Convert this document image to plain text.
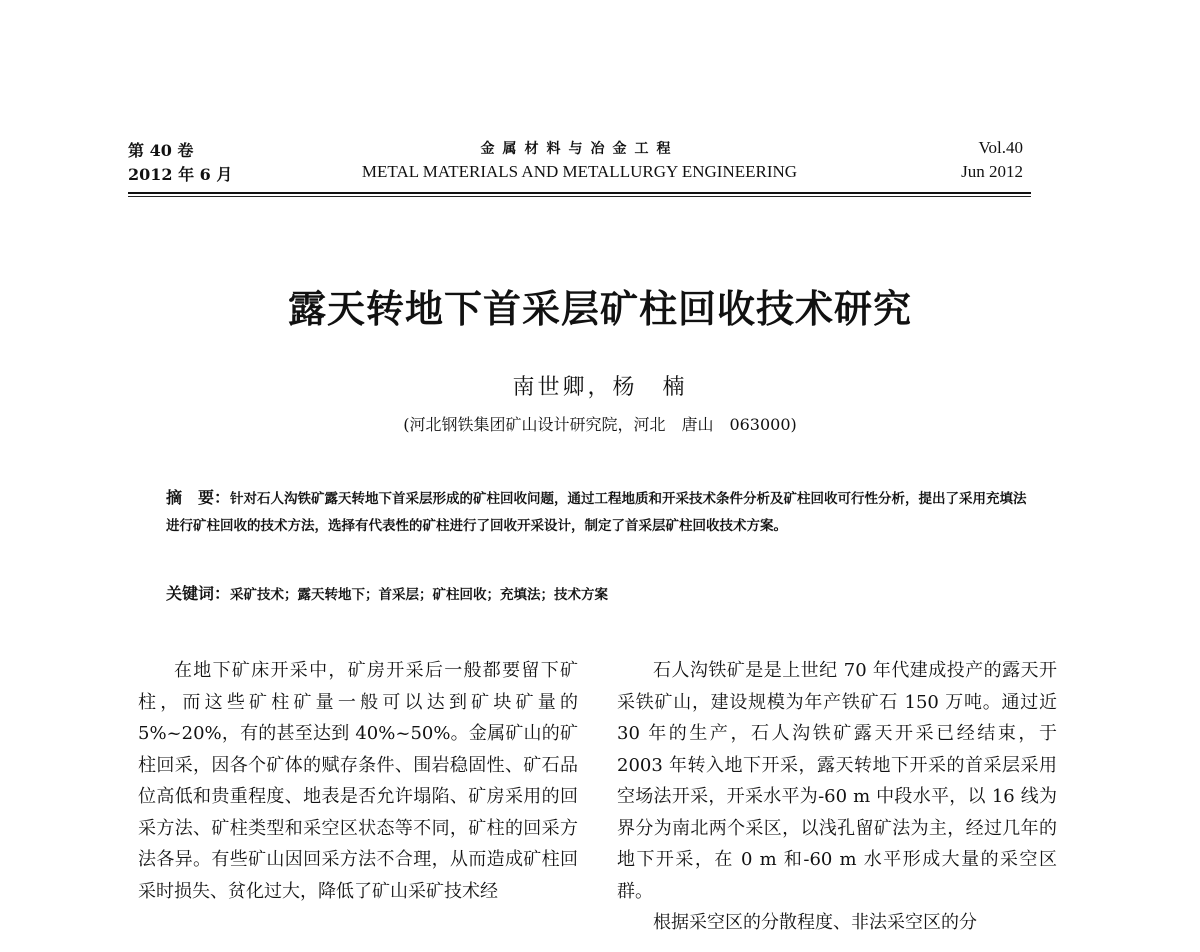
第 40 卷	金属材料与冶金工程	Vol.40
2012 年 6 月	METAL MATERIALS AND METALLURGY ENGINEERING	Jun 2012
露天转地下首采层矿柱回收技术研究
南世卿，杨　楠
(河北钢铁集团矿山设计研究院，河北　唐山　063000)
摘　要：针对石人沟铁矿露天转地下首采层形成的矿柱回收问题，通过工程地质和开采技术条件分析及矿柱回收可行性分析，提出了采用充填法进行矿柱回收的技术方法，选择有代表性的矿柱进行了回收开采设计，制定了首采层矿柱回收技术方案。
关键词：采矿技术；露天转地下；首采层；矿柱回收；充填法；技术方案

在地下矿床开采中，矿房开采后一般都要留下矿柱，而这些矿柱矿量一般可以达到矿块矿量的 5%~20%，有的甚至达到 40%~50%。金属矿山的矿柱回采，因各个矿体的赋存条件、围岩稳固性、矿石品位高低和贵重程度、地表是否允许塌陷、矿房采用的回采方法、矿柱类型和采空区状态等不同，矿柱的回采方法各异。有些矿山因回采方法不合理，从而造成矿柱回采时损失、贫化过大，降低了矿山采矿技术经

石人沟铁矿是是上世纪 70 年代建成投产的露天开采铁矿山，建设规模为年产铁矿石 150 万吨。通过近 30 年的生产，石人沟铁矿露天开采已经结束，于 2003 年转入地下开采，露天转地下开采的首采层采用空场法开采，开采水平为-60 m 中段水平，以 16 线为界分为南北两个采区，以浅孔留矿法为主，经过几年的地下开采，在 0 m 和-60 m 水平形成大量的采空区群。

根据采空区的分散程度、非法采空区的分
